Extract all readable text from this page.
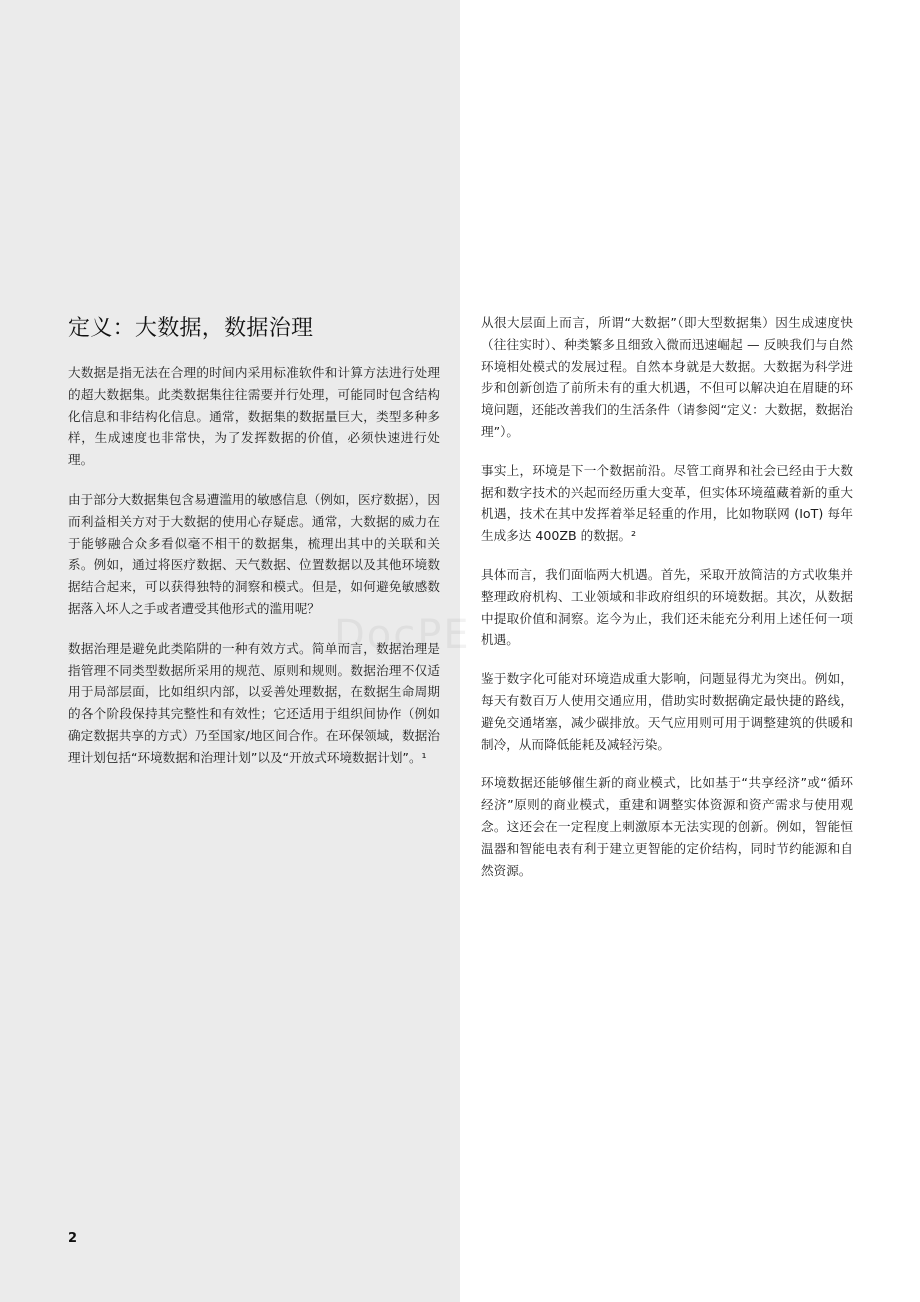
定义：大数据，数据治理

大数据是指无法在合理的时间内采用标准软件和计算方法进行处理的超大数据集。此类数据集往往需要并行处理，可能同时包含结构化信息和非结构化信息。通常，数据集的数据量巨大，类型多种多样，生成速度也非常快，为了发挥数据的价值，必须快速进行处理。

由于部分大数据集包含易遭滥用的敏感信息（例如，医疗数据），因而利益相关方对于大数据的使用心存疑虑。通常，大数据的威力在于能够融合众多看似毫不相干的数据集，梳理出其中的关联和关系。例如，通过将医疗数据、天气数据、位置数据以及其他环境数据结合起来，可以获得独特的洞察和模式。但是，如何避免敏感数据落入坏人之手或者遭受其他形式的滥用呢？

数据治理是避免此类陷阱的一种有效方式。简单而言，数据治理是指管理不同类型数据所采用的规范、原则和规则。数据治理不仅适用于局部层面，比如组织内部，以妥善处理数据，在数据生命周期的各个阶段保持其完整性和有效性；它还适用于组织间协作（例如确定数据共享的方式）乃至国家/地区间合作。在环保领域，数据治理计划包括“环境数据和治理计划”以及“开放式环境数据计划”。¹

从很大层面上而言，所谓“大数据”（即大型数据集）因生成速度快（往往实时）、种类繁多且细致入微而迅速崛起 — 反映我们与自然环境相处模式的发展过程。自然本身就是大数据。大数据为科学进步和创新创造了前所未有的重大机遇，不但可以解决迫在眉睫的环境问题，还能改善我们的生活条件（请参阅“定义：大数据，数据治理”）。

事实上，环境是下一个数据前沿。尽管工商界和社会已经由于大数据和数字技术的兴起而经历重大变革，但实体环境蕴藏着新的重大机遇，技术在其中发挥着举足轻重的作用，比如物联网 (IoT) 每年生成多达 400ZB 的数据。²

具体而言，我们面临两大机遇。首先，采取开放简洁的方式收集并整理政府机构、工业领域和非政府组织的环境数据。其次，从数据中提取价值和洞察。迄今为止，我们还未能充分利用上述任何一项机遇。

鉴于数字化可能对环境造成重大影响，问题显得尤为突出。例如，每天有数百万人使用交通应用，借助实时数据确定最快捷的路线，避免交通堵塞，减少碳排放。天气应用则可用于调整建筑的供暖和制冷，从而降低能耗及减轻污染。

环境数据还能够催生新的商业模式，比如基于“共享经济”或“循环经济”原则的商业模式，重建和调整实体资源和资产需求与使用观念。这还会在一定程度上刺激原本无法实现的创新。例如，智能恒温器和智能电表有利于建立更智能的定价结构，同时节约能源和自然资源。

2
